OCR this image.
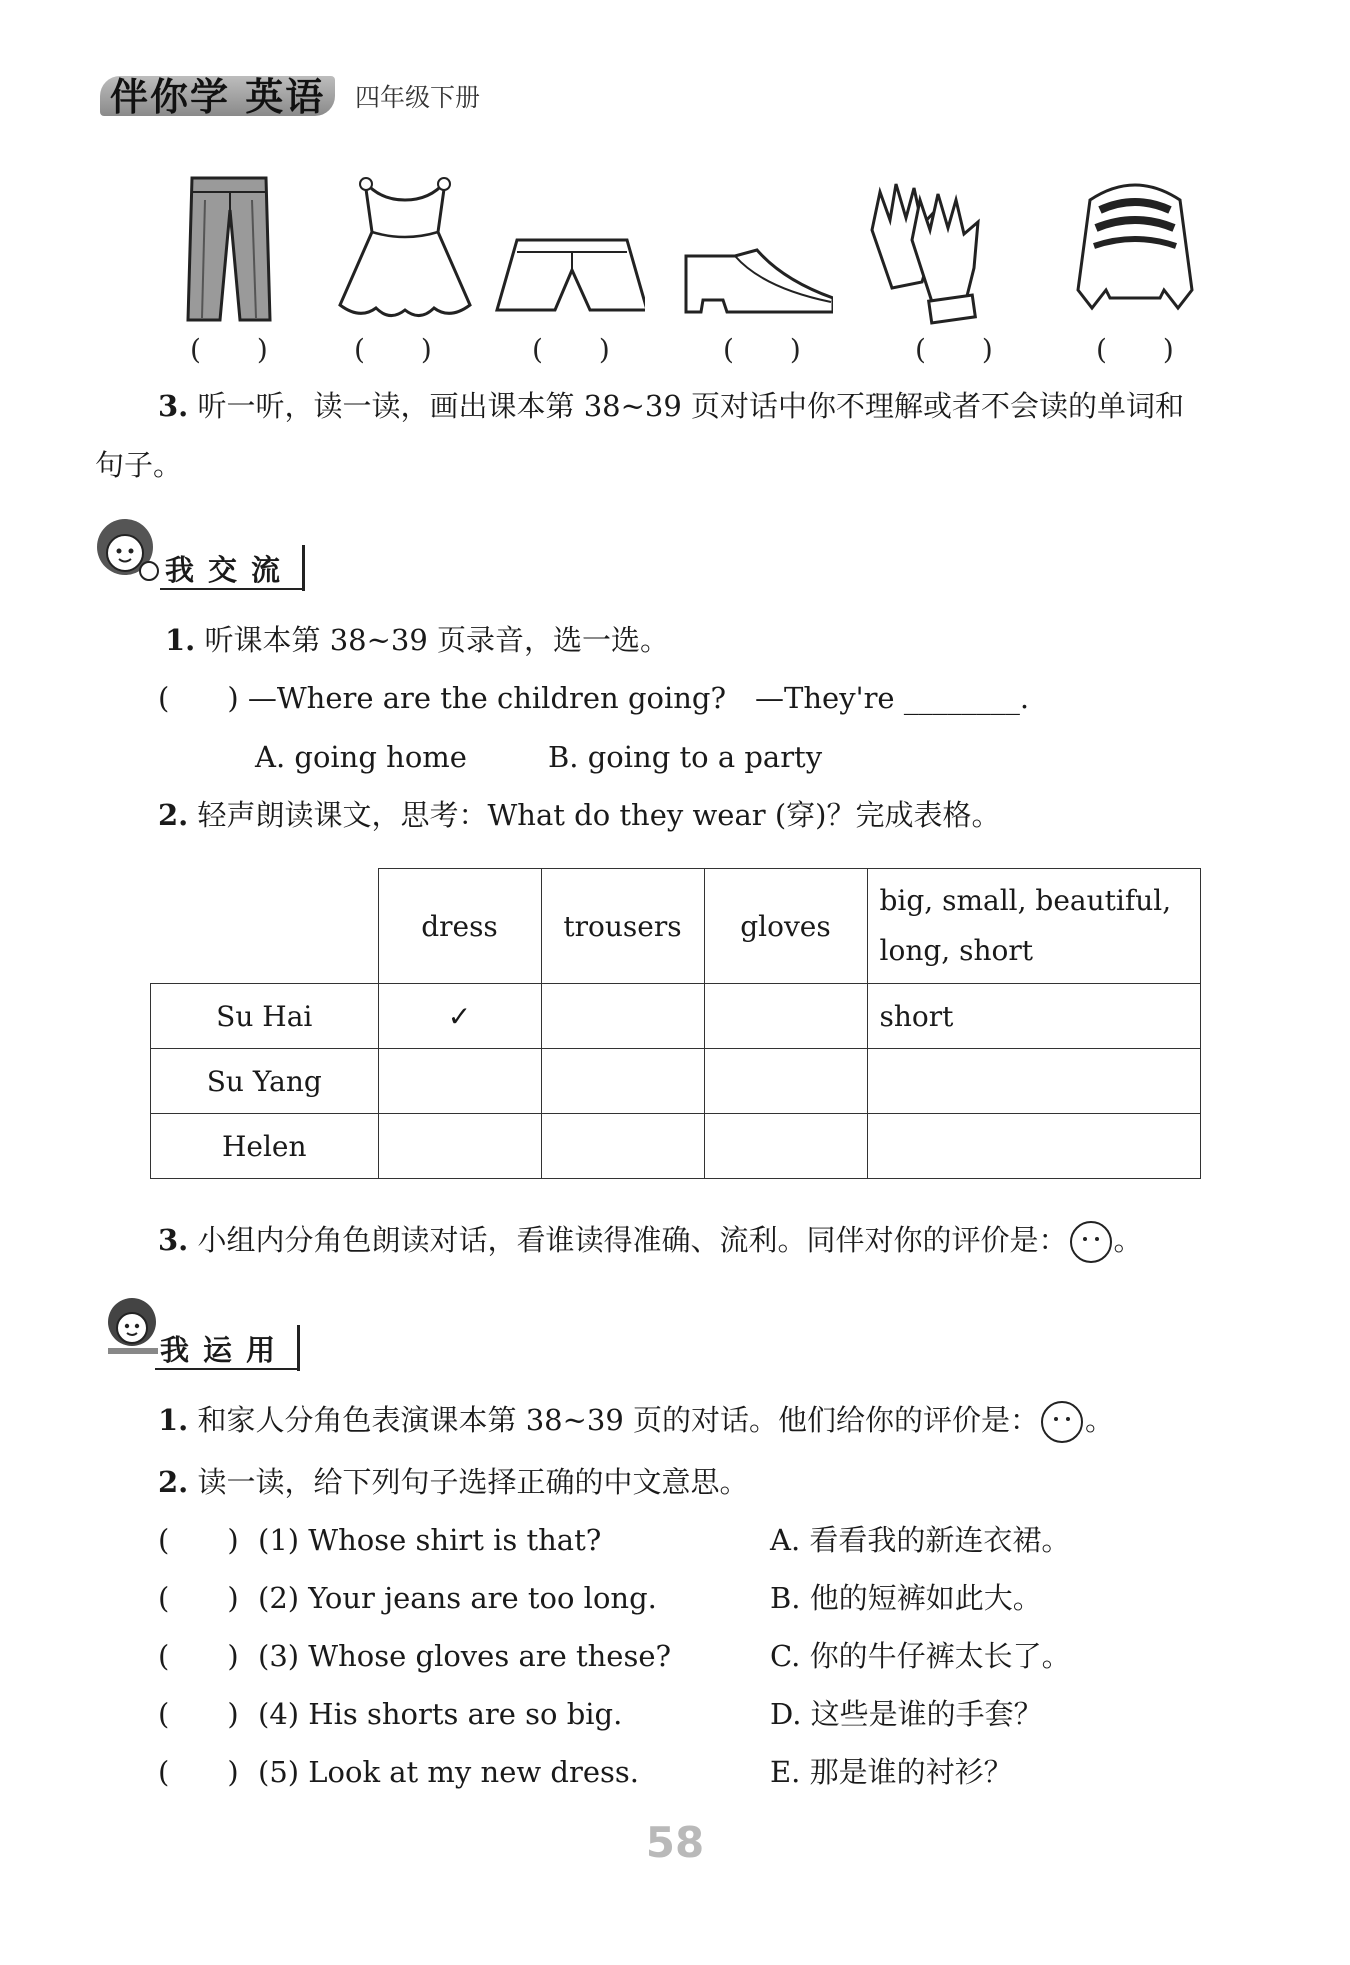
伴你学 英语 四年级下册
(　　)	(　　)	(　　)	(　　)	(　　)	(　　)
3. 听一听，读一读，画出课本第 38~39 页对话中你不理解或者不会读的单词和
句子。
我交流
1. 听课本第 38~39 页录音，选一选。
(　　) —Where are the children going?　—They're ________.
A. going home	B. going to a party
2. 轻声朗读课文，思考：What do they wear (穿)？完成表格。
	dress	trousers	gloves	big, small, beautiful,
long, short

Su Hai	✓			short
Su Yang				
Helen				
3. 小组内分角色朗读对话，看谁读得准确、流利。同伴对你的评价是： 。
我运用
1. 和家人分角色表演课本第 38~39 页的对话。他们给你的评价是： 。
2. 读一读，给下列句子选择正确的中文意思。
(　　) (1) Whose shirt is that?	A. 看看我的新连衣裙。
(　　) (2) Your jeans are too long.	B. 他的短裤如此大。
(　　) (3) Whose gloves are these?	C. 你的牛仔裤太长了。
(　　) (4) His shorts are so big.	D. 这些是谁的手套？
(　　) (5) Look at my new dress.	E. 那是谁的衬衫？
58
